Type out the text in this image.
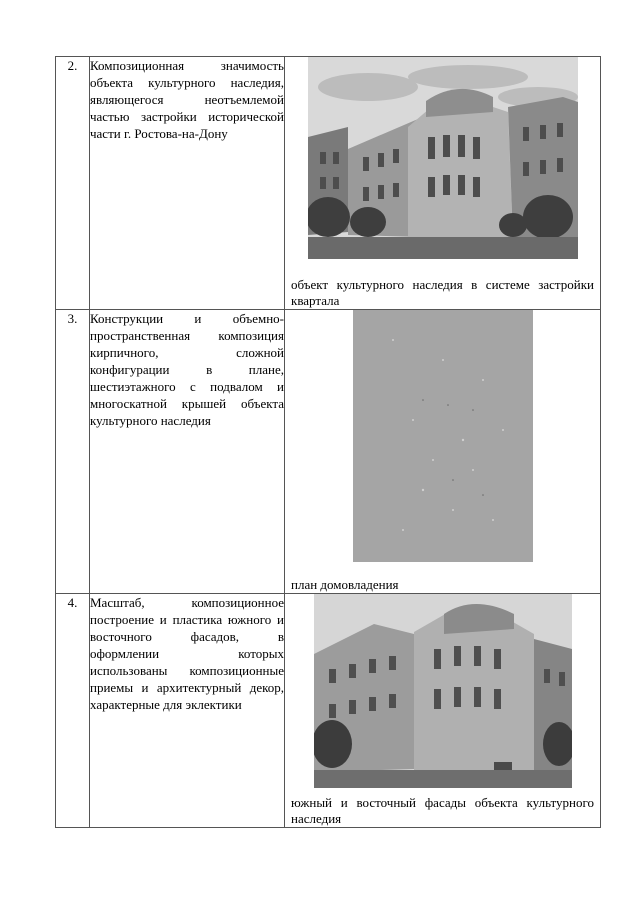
2.	Композиционная значимость объекта культурного наследия, являющегося неотъемлемой частью застройки исторической части г. Ростова-на-Дону	объект культурного наследия в системе застройки квартала

3.	Конструкции и объемно-пространственная композиция кирпичного, сложной конфигурации в плане, шестиэтажного с подвалом и многоскатной крышей объекта культурного наследия	план домовладения

4.	Масштаб, композиционное построение и пластика южного и восточного фасадов, в оформлении которых использованы композиционные приемы и архитектурный декор, характерные для эклектики	южный и восточный фасады объекта культурного наследия
